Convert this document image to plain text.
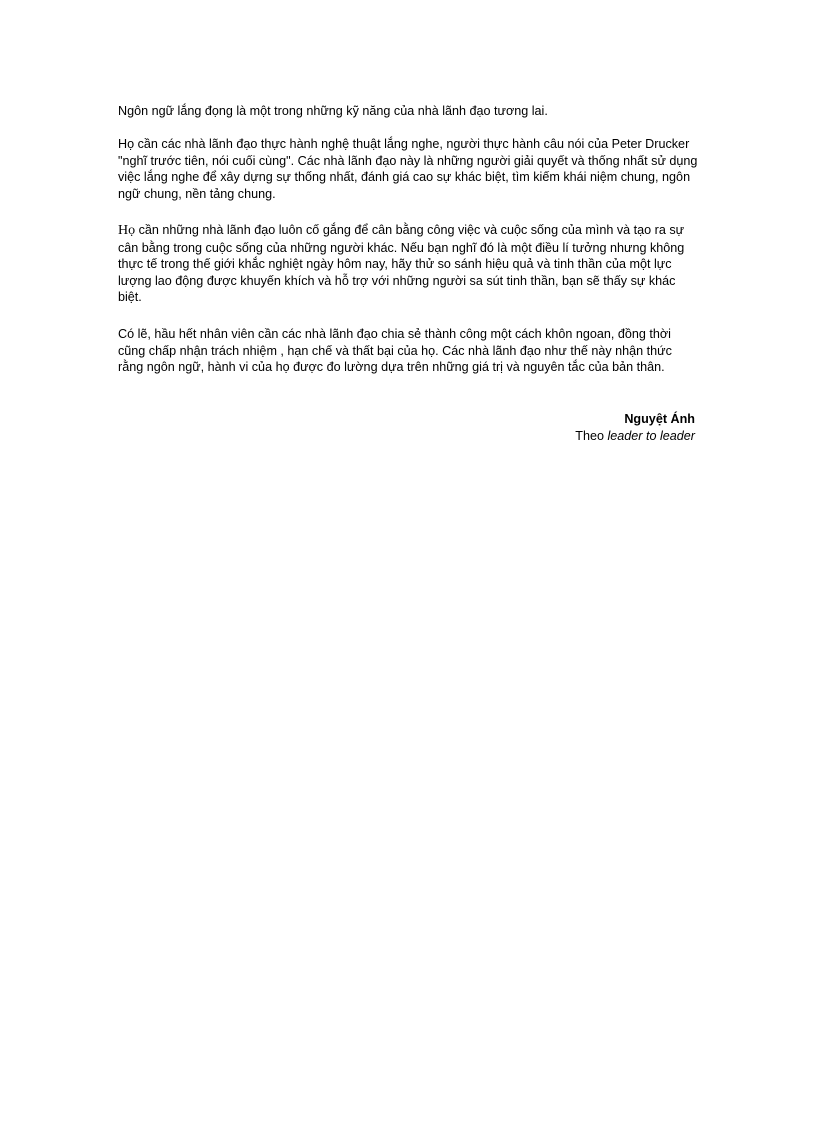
Ngôn ngữ lắng đọng là một trong những kỹ năng của nhà lãnh đạo tương lai.
Họ cần các nhà lãnh đạo thực hành nghệ thuật lắng nghe, người thực hành câu nói của Peter Drucker "nghĩ trước tiên, nói cuối cùng". Các nhà lãnh đạo này là những người giải quyết và thống nhất sử dụng việc lắng nghe để xây dựng sự thống nhất, đánh giá cao sự khác biệt, tìm kiếm khái niệm chung, ngôn ngữ chung, nền tảng chung.
Họ cần những nhà lãnh đạo luôn cố gắng để cân bằng công việc và cuộc sống của mình và tạo ra sự cân bằng trong cuộc sống của những người khác. Nếu bạn nghĩ đó là một điều lí tưởng nhưng không thực tế trong thế giới khắc nghiệt ngày hôm nay, hãy thử so sánh hiệu quả và tinh thần của một lực lượng lao động được khuyến khích và hỗ trợ với những người sa sút tinh thần, bạn sẽ thấy sự khác biệt.
Có lẽ, hầu hết nhân viên cần các nhà lãnh đạo chia sẻ thành công một cách khôn ngoan, đồng thời cũng chấp nhận trách nhiệm , hạn chế và thất bại của họ. Các nhà lãnh đạo như thế này nhận thức rằng ngôn ngữ, hành vi của họ được đo lường dựa trên những giá trị và nguyên tắc của bản thân.
Nguyệt Ánh
Theo leader to leader
